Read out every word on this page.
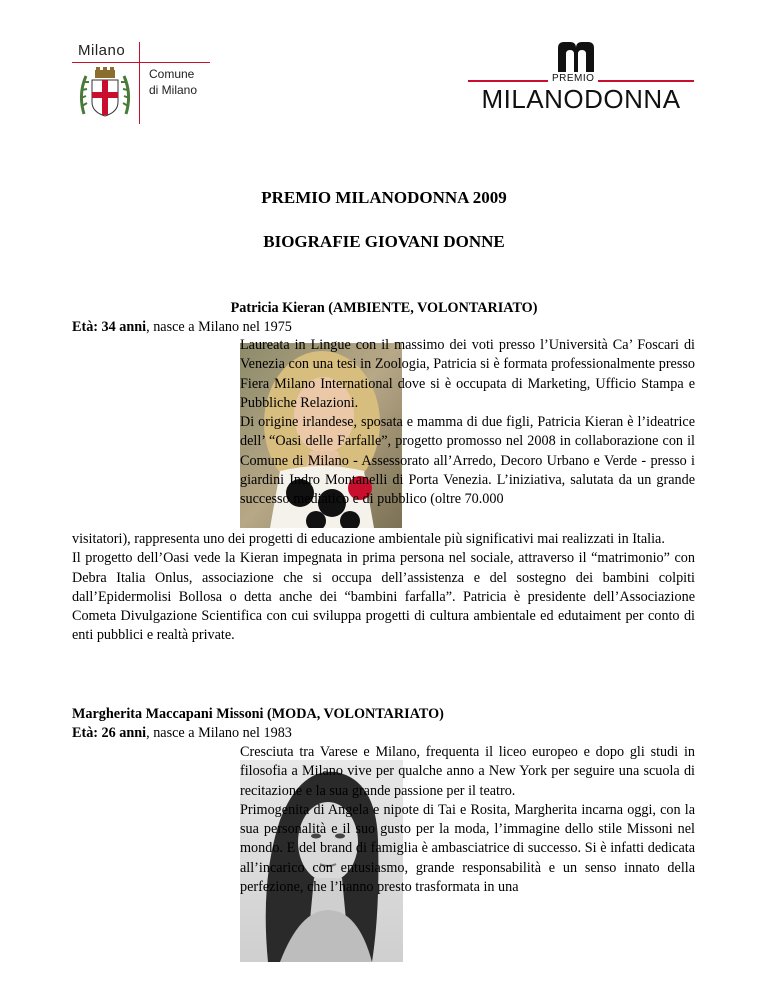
Milano
Comune
di Milano
PREMIO
MILANODONNA
PREMIO MILANODONNA 2009
BIOGRAFIE GIOVANI DONNE
Patricia Kieran (AMBIENTE, VOLONTARIATO)
Età: 34 anni, nasce a Milano nel 1975
Laureata in Lingue con il massimo dei voti presso l’Università Ca’ Foscari di Venezia con una tesi in Zoologia, Patricia si è formata professionalmente presso Fiera Milano International dove si è occupata di Marketing, Ufficio Stampa e Pubbliche Relazioni.
Di origine irlandese, sposata e mamma di due figli, Patricia Kieran è l’ideatrice dell’ “Oasi delle Farfalle”, progetto promosso nel 2008 in collaborazione con il Comune di Milano - Assessorato all’Arredo, Decoro Urbano e Verde - presso i giardini Indro Montanelli di Porta Venezia. L’iniziativa, salutata da un grande successo mediatico e di pubblico (oltre 70.000
visitatori), rappresenta uno dei progetti di educazione ambientale più significativi mai realizzati in Italia.
Il progetto dell’Oasi vede la Kieran impegnata in prima persona nel sociale, attraverso il “matrimonio” con Debra Italia Onlus, associazione che si occupa dell’assistenza e del sostegno dei bambini colpiti dall’Epidermolisi Bollosa o detta anche dei “bambini farfalla”. Patricia è presidente dell’Associazione Cometa Divulgazione Scientifica con cui sviluppa progetti di cultura ambientale ed edutaiment per conto di enti pubblici e realtà private.
Margherita Maccapani Missoni (MODA, VOLONTARIATO)
Età: 26 anni, nasce a Milano nel 1983
Cresciuta tra Varese e Milano, frequenta il liceo europeo e dopo gli studi in filosofia a Milano vive per qualche anno a New York per seguire una scuola di recitazione e la sua grande passione per il teatro.
Primogenita di Angela e nipote di Tai e Rosita, Margherita incarna oggi, con la sua personalità e il suo gusto per la moda, l’immagine dello stile Missoni nel mondo. E del brand di famiglia è ambasciatrice di successo. Si è infatti dedicata all’incarico con entusiasmo, grande responsabilità e un senso innato della perfezione, che l’hanno presto trasformata in una
